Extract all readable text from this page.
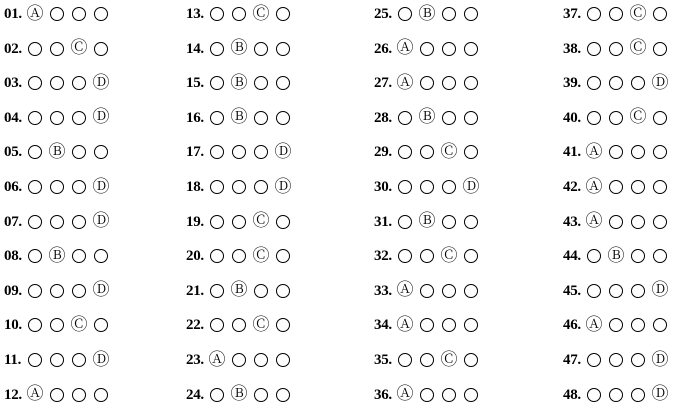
01. Ⓐ
02.	Ⓒ
03.	Ⓓ
04.	Ⓓ
05.	Ⓑ
06.	Ⓓ
07.	Ⓓ
08.	Ⓑ
09.	Ⓓ
10.	Ⓒ
11.	Ⓓ
12. Ⓐ
13.	Ⓒ
14.	Ⓑ
15.	Ⓑ
16.	Ⓑ
17.	Ⓓ
18.	Ⓓ
19.	Ⓒ
20.	Ⓒ
21.	Ⓑ
22.	Ⓒ
23. Ⓐ
24.	Ⓑ
25.	Ⓑ
26. Ⓐ
27. Ⓐ
28.	Ⓑ
29.	Ⓒ
30.	Ⓓ
31.	Ⓑ
32.	Ⓒ
33. Ⓐ
34. Ⓐ
35.	Ⓒ
36. Ⓐ
37.	Ⓒ
38.	Ⓒ
39.	Ⓓ
40.	Ⓒ
41. Ⓐ
42. Ⓐ
43. Ⓐ
44.	Ⓑ
45.	Ⓓ
46. Ⓐ
47.	Ⓓ
48.	Ⓓ
